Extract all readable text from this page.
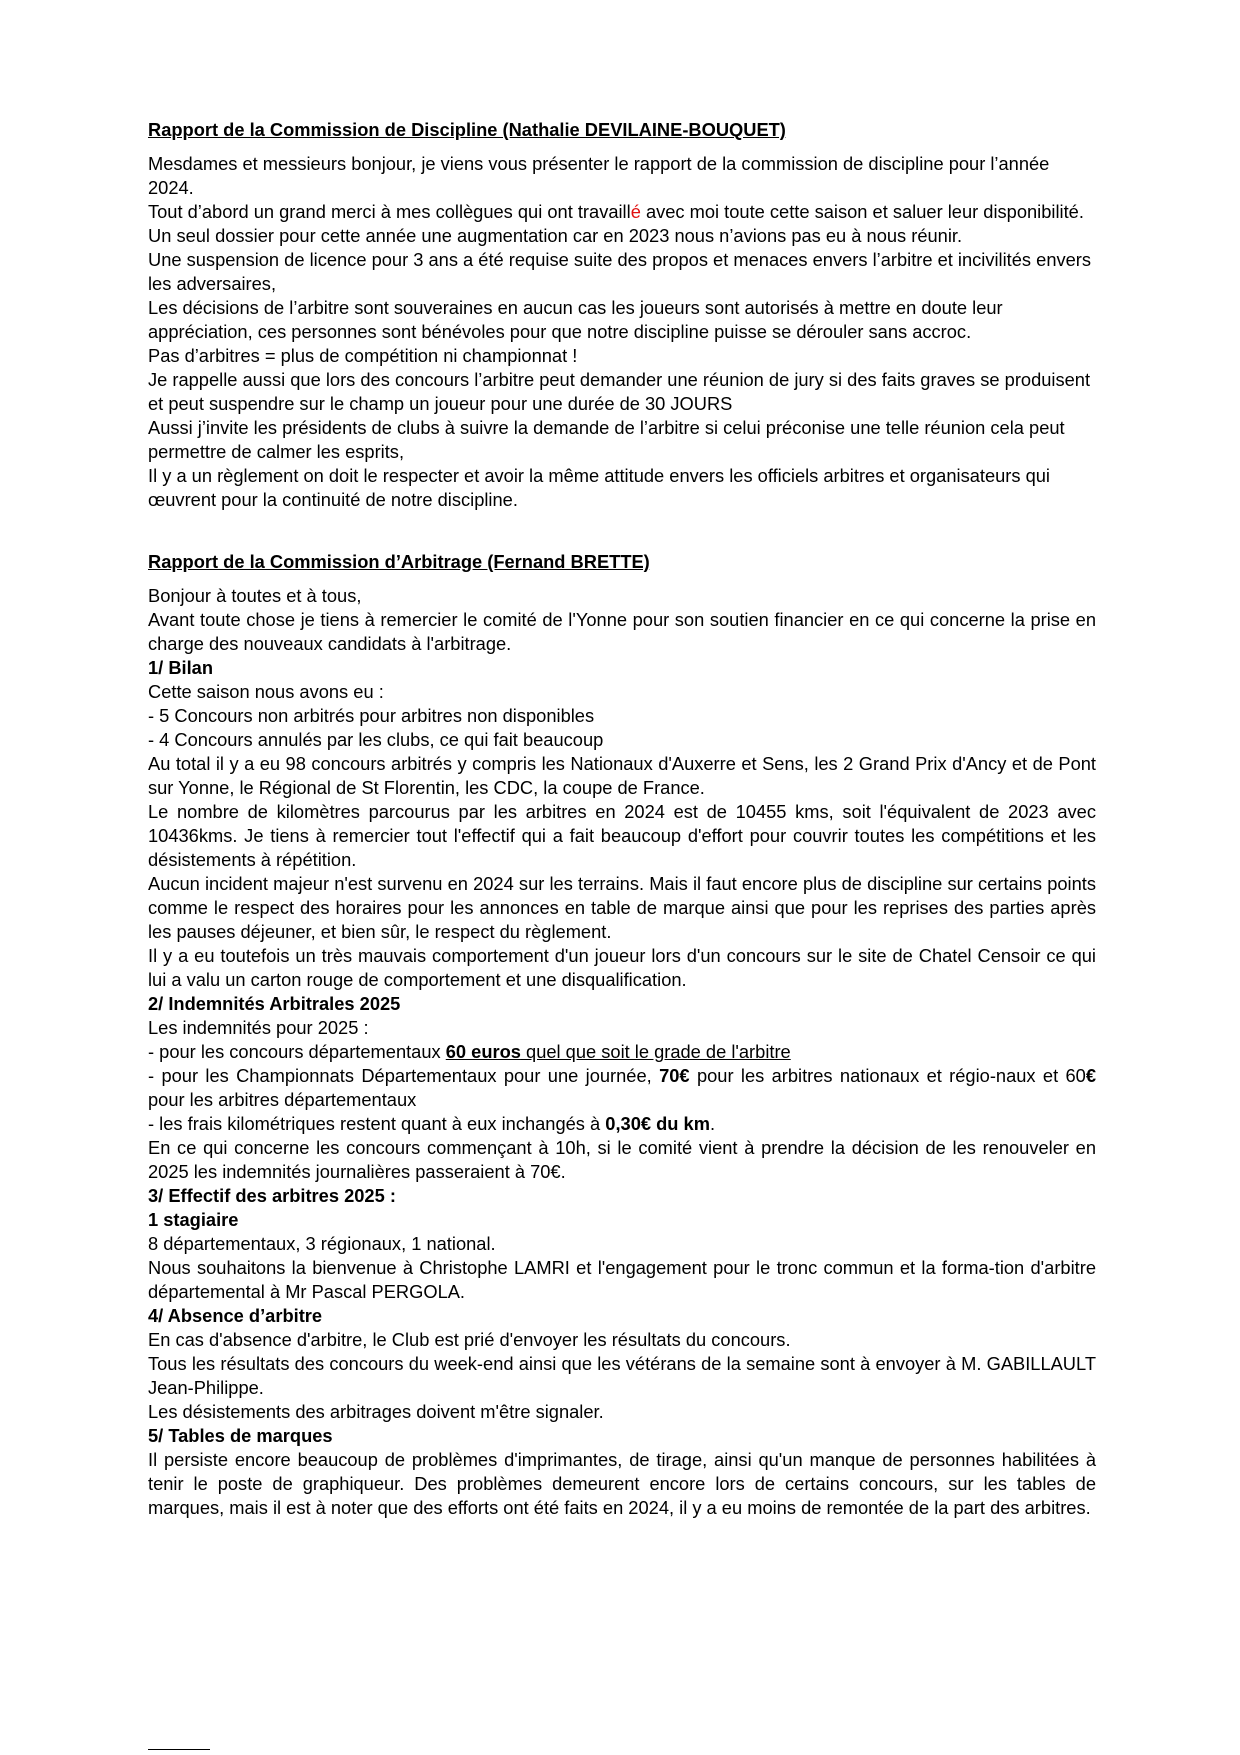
Rapport de la Commission de Discipline (Nathalie DEVILAINE-BOUQUET)

Mesdames et messieurs bonjour, je viens vous présenter le rapport de la commission de discipline pour l’année 2024.

Tout d’abord un grand merci à mes collègues qui ont travaillé avec moi toute cette saison et saluer leur disponibilité.

Un seul dossier pour cette année une augmentation car en 2023 nous n’avions pas eu à nous réunir.

Une suspension de licence pour 3 ans a été requise suite des propos et menaces envers l’arbitre et incivilités envers les adversaires,

Les décisions de l’arbitre sont souveraines en aucun cas les joueurs sont autorisés à mettre en doute leur appréciation, ces personnes sont bénévoles pour que notre discipline puisse se dérouler sans accroc.

Pas d’arbitres = plus de compétition ni championnat !

Je rappelle aussi que lors des concours l’arbitre peut demander une réunion de jury si des faits graves se produisent et peut suspendre sur le champ un joueur pour une durée de 30 JOURS

Aussi j’invite les présidents de clubs à suivre la demande de l’arbitre si celui préconise une telle réunion cela peut permettre de calmer les esprits,

Il y a un règlement on doit le respecter et avoir la même attitude envers les officiels arbitres et organisateurs qui œuvrent pour la continuité de notre discipline.

Rapport de la Commission d’Arbitrage (Fernand BRETTE)

Bonjour à toutes et à tous,

Avant toute chose je tiens à remercier le comité de l'Yonne pour son soutien financier en ce qui concerne la prise en charge des nouveaux candidats à l'arbitrage.

1/ Bilan

Cette saison nous avons eu :

- 5 Concours non arbitrés pour arbitres non disponibles

- 4 Concours annulés par les clubs, ce qui fait beaucoup

Au total il y a eu 98 concours arbitrés y compris les Nationaux d'Auxerre et Sens, les 2 Grand Prix d'Ancy et de Pont sur Yonne, le Régional de St Florentin, les CDC, la coupe de France.

Le nombre de kilomètres parcourus par les arbitres en 2024 est de 10455 kms, soit l'équivalent de 2023 avec 10436kms. Je tiens à remercier tout l'effectif qui a fait beaucoup d'effort pour couvrir toutes les compétitions et les désistements à répétition.

Aucun incident majeur n'est survenu en 2024 sur les terrains. Mais il faut encore plus de discipline sur certains points comme le respect des horaires pour les annonces en table de marque ainsi que pour les reprises des parties après les pauses déjeuner, et bien sûr, le respect du règlement.

Il y a eu toutefois un très mauvais comportement d'un joueur lors d'un concours sur le site de Chatel Censoir ce qui lui a valu un carton rouge de comportement et une disqualification.

2/ Indemnités Arbitrales 2025

Les indemnités pour 2025 :

- pour les concours départementaux 60 euros quel que soit le grade de l'arbitre

- pour les Championnats Départementaux pour une journée, 70€ pour les arbitres nationaux et régio-naux et 60€ pour les arbitres départementaux

- les frais kilométriques restent quant à eux inchangés à 0,30€ du km.

En ce qui concerne les concours commençant à 10h, si le comité vient à prendre la décision de les renouveler en 2025 les indemnités journalières passeraient à 70€.

3/ Effectif des arbitres 2025 :

1 stagiaire

8 départementaux, 3 régionaux, 1 national.

Nous souhaitons la bienvenue à Christophe LAMRI et l'engagement pour le tronc commun et la forma-tion d'arbitre départemental à Mr Pascal PERGOLA.

4/ Absence d’arbitre

En cas d'absence d'arbitre, le Club est prié d'envoyer les résultats du concours.

Tous les résultats des concours du week-end ainsi que les vétérans de la semaine sont à envoyer à M. GABILLAULT Jean-Philippe.

Les désistements des arbitrages doivent m'être signaler.

5/ Tables de marques

Il persiste encore beaucoup de problèmes d'imprimantes, de tirage, ainsi qu'un manque de personnes habilitées à tenir le poste de graphiqueur. Des problèmes demeurent encore lors de certains concours, sur les tables de marques, mais il est à noter que des efforts ont été faits en 2024, il y a eu moins de remontée de la part des arbitres.
